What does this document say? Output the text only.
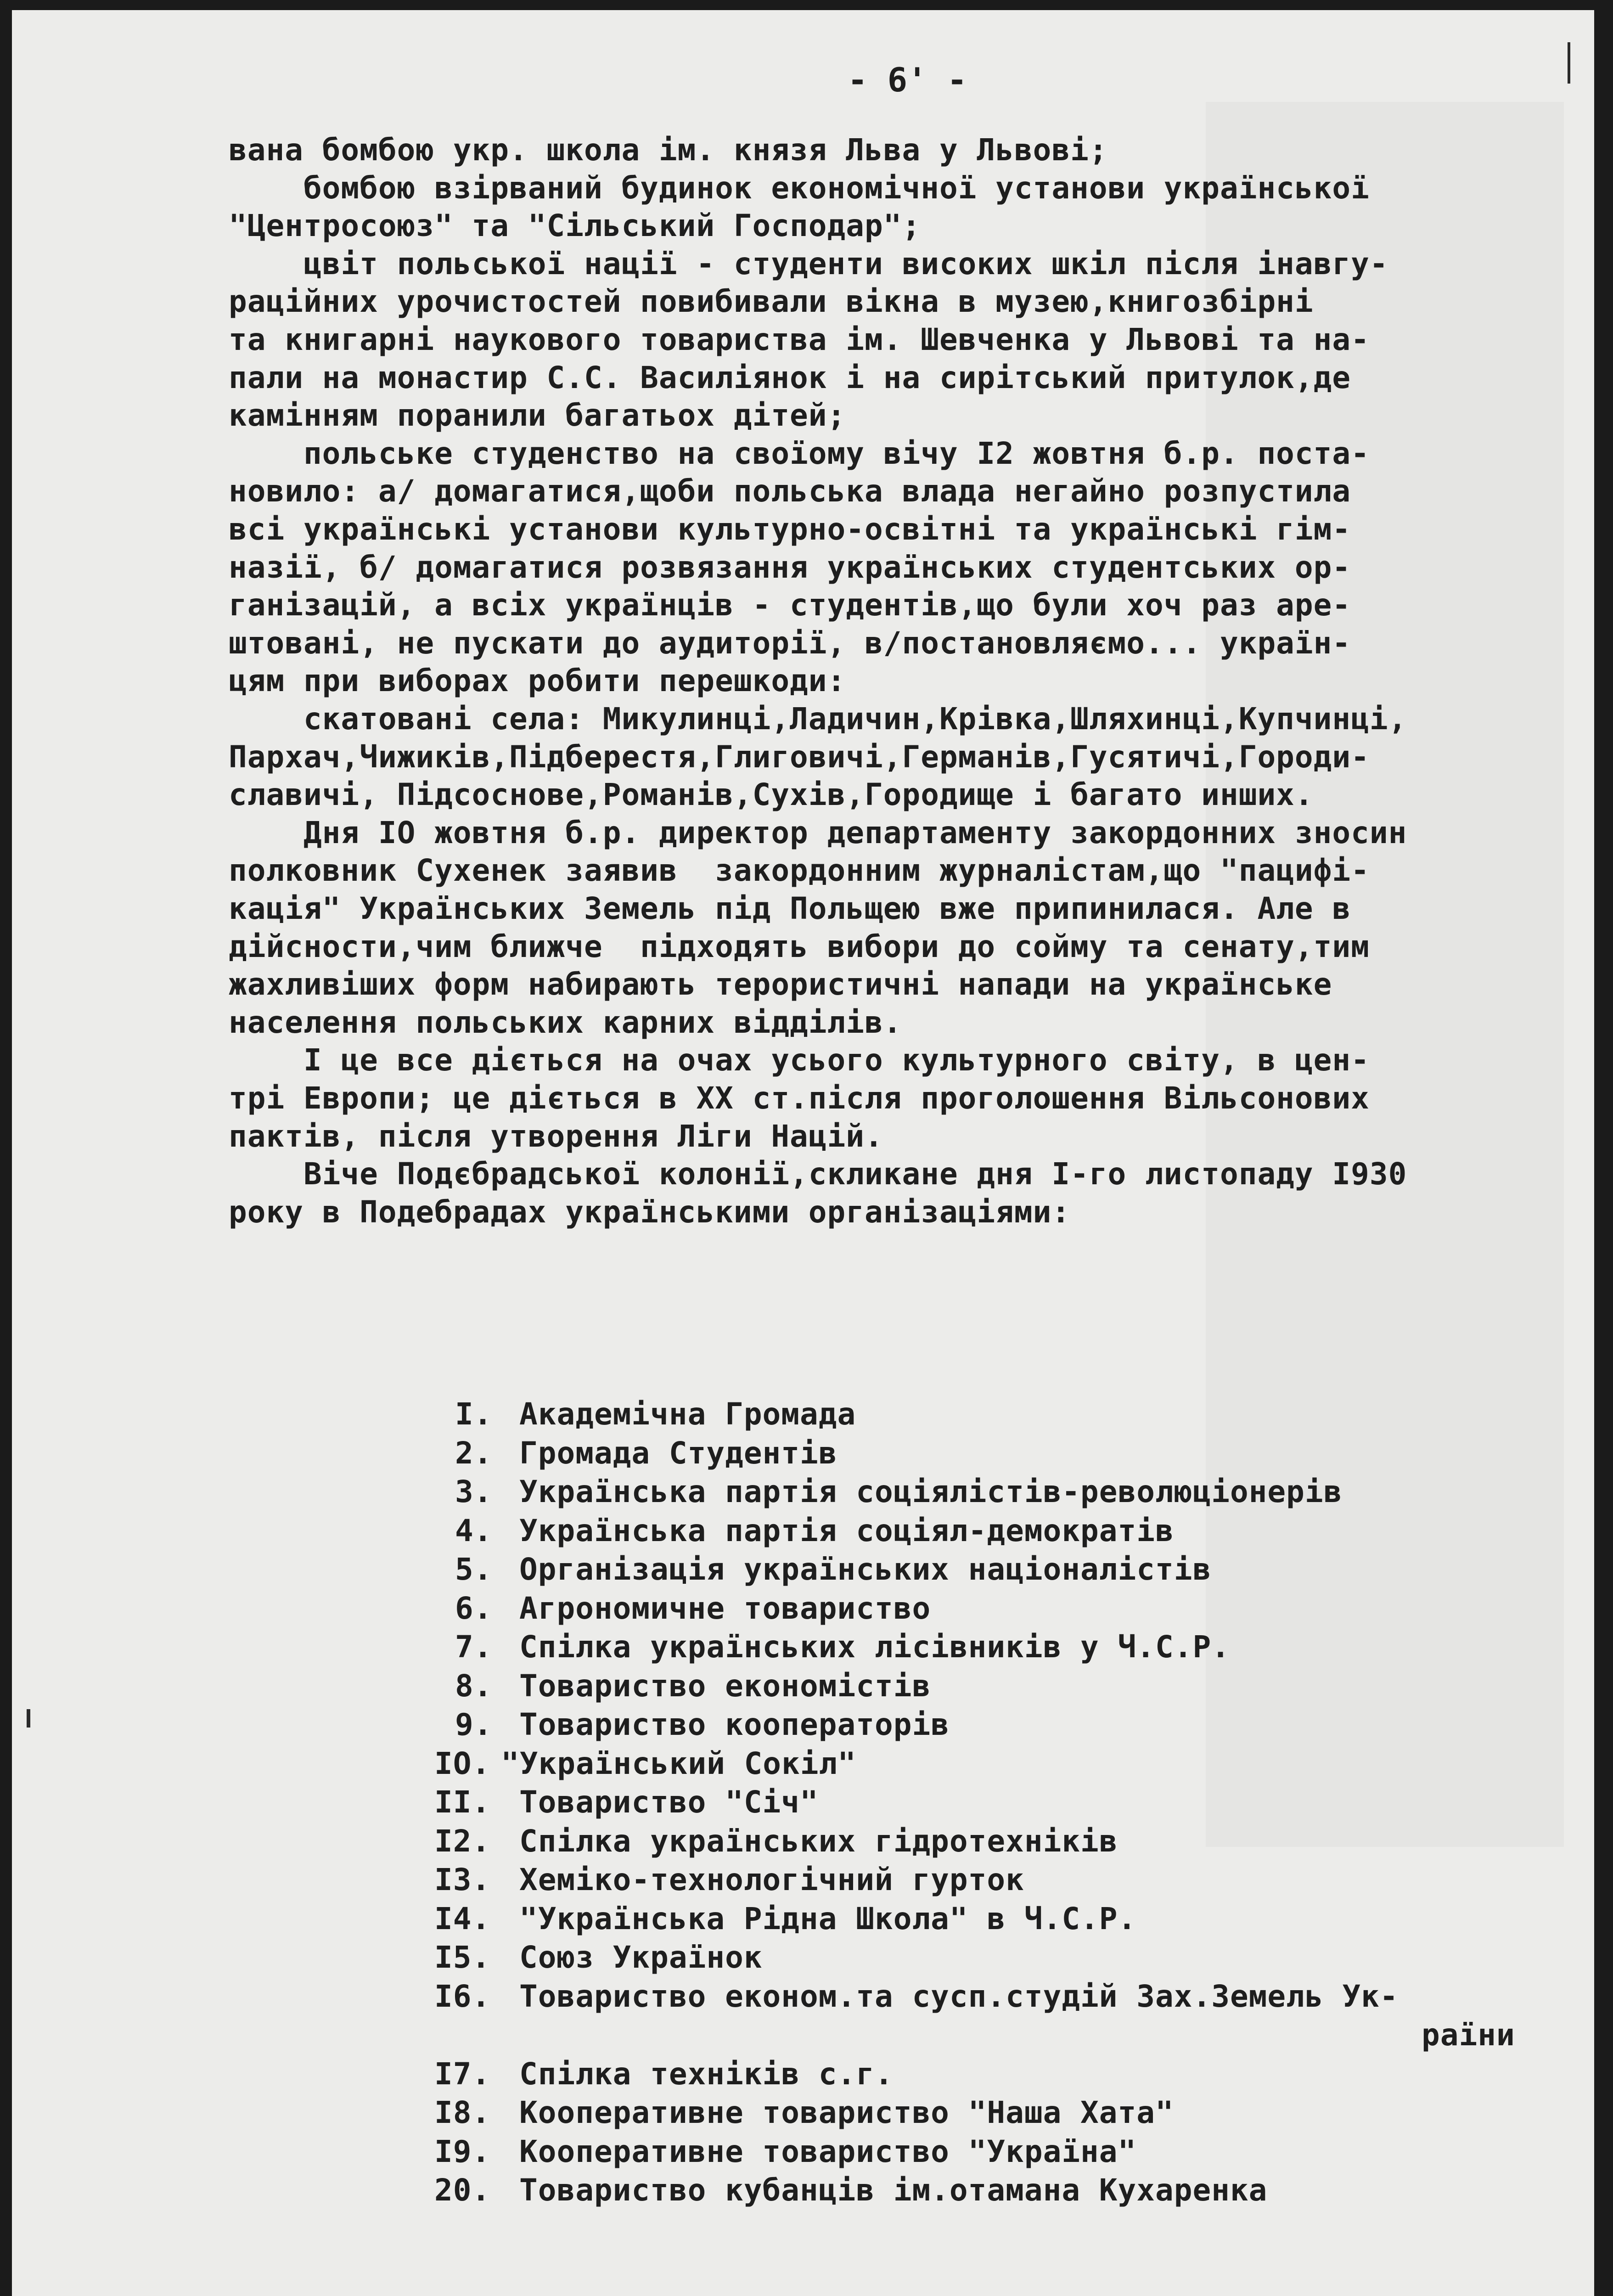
- 6' -
вана бомбою укр. школа ім. князя Льва у Львові;
бомбою взірваний будинок економічної установи української
"Центросоюз" та "Сільський Господар";
цвіт польської нації - студенти високих шкіл після інавгу-
раційних урочистостей повибивали вікна в музею,книгозбірні
та книгарні наукового товариства ім. Шевченка у Львові та на-
пали на монастир С.С. Василіянок і на сирітський притулок,де
камінням поранили багатьох дітей;
польське студенство на своїому вічу I2 жовтня б.р. поста-
новило: а/ домагатися,щоби польська влада негайно розпустила
всі українські установи культурно-освітні та українські гім-
назії, б/ домагатися розвязання українських студентських ор-
ганізацій, а всіх українців - студентів,що були хоч раз аре-
штовані, не пускати до аудиторії, в/постановляємо... україн-
цям при виборах робити перешкоди:
скатовані села: Микулинці,Ладичин,Крівка,Шляхинці,Купчинці,
Пархач,Чижиків,Підберестя,Глиговичі,Германів,Гусятичі,Городи-
славичі, Підсоснове,Романів,Сухів,Городище і багато инших.
Дня IO жовтня б.р. директор департаменту закордонних зносин
полковник Сухенек заявив  закордонним журналістам,що "пацифі-
кація" Українських Земель під Польщею вже припинилася. Але в
дійсности,чим ближче  підходять вибори до сойму та сенату,тим
жахливіших форм набирають терористичні напади на українське
населення польських карних відділів.
І це все діється на очах усього культурного світу, в цен-
трі Европи; це діється в ХХ ст.після проголошення Вільсонових
пактів, після утворення Ліги Націй.
Віче Подєбрадської колонії,скликане дня I-го листопаду I930
року в Подебрадах українськими організаціями:
I. Академічна Громада
2. Громада Студентів
3. Українська партія соціялістів-революціонерів
4. Українська партія соціял-демократів
5. Організація українських націоналістів
6. Агрономичне товариство
7. Спілка українських лісівників у Ч.С.Р.
8. Товариство економістів
9. Товариство кооператорів
IO. "Український Сокіл"
II. Товариство "Січ"
I2. Спілка українських гідротехніків
I3. Хеміко-технологічний гурток
I4. "Українська Рідна Школа" в Ч.С.Р.
I5. Союз Українок
I6. Товариство економ.та сусп.студій Зах.Земель Ук-
раїни
I7. Спілка техніків с.г.
I8. Кооперативне товариство "Наша Хата"
I9. Кооперативне товариство "Україна"
20. Товариство кубанців ім.отамана Кухаренка
